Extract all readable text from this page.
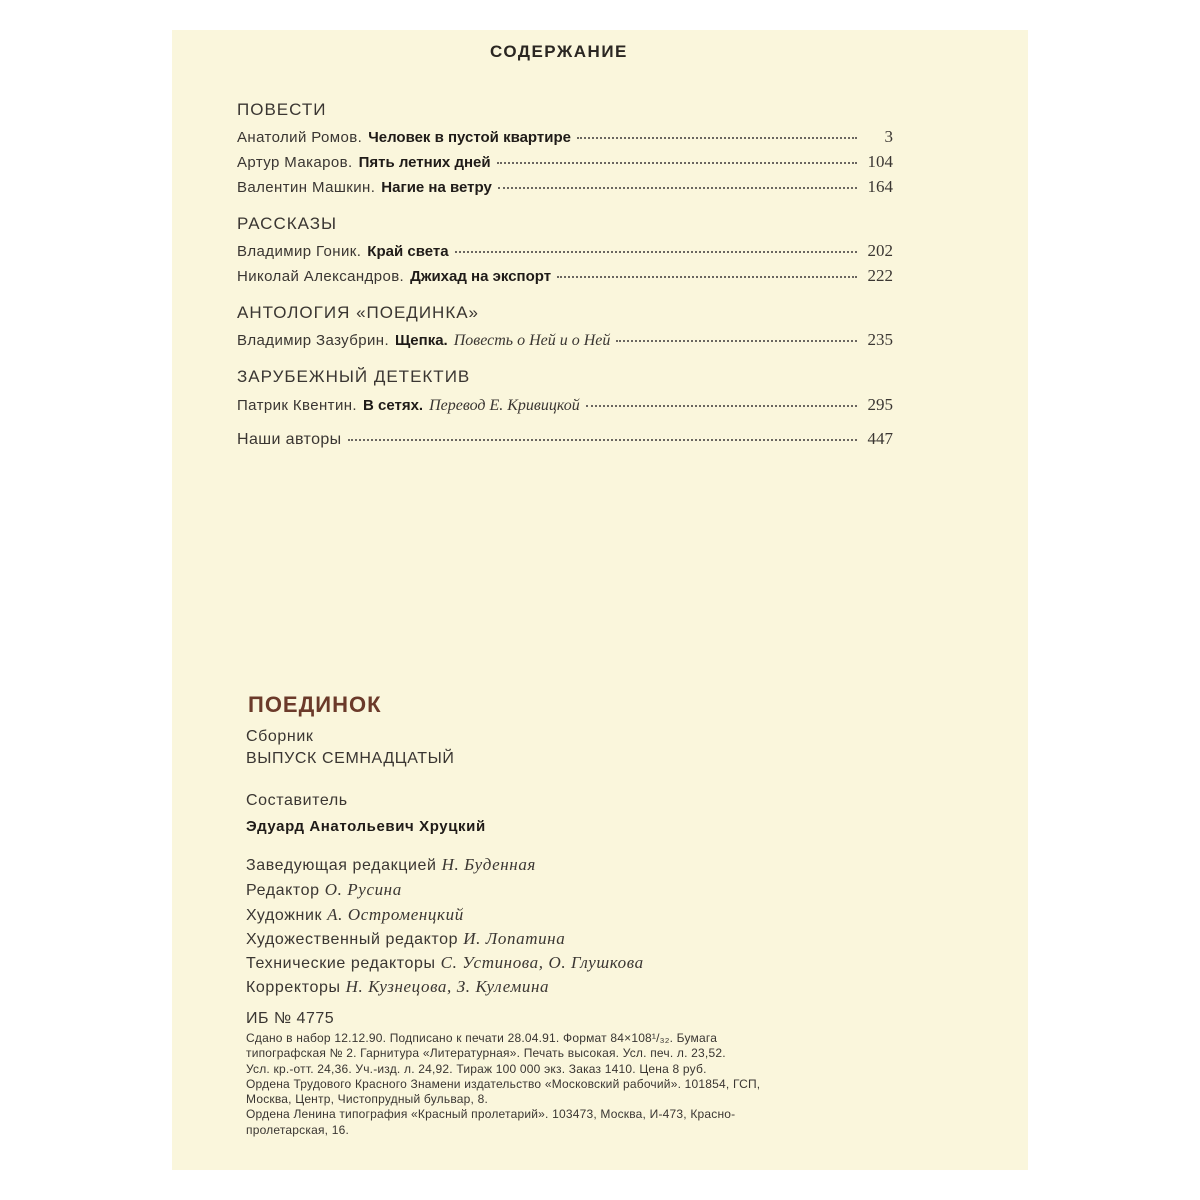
СОДЕРЖАНИЕ
ПОВЕСТИ
Анатолий Ромов. Человек в пустой квартире	3
Артур Макаров. Пять летних дней	104
Валентин Машкин. Нагие на ветру	164
РАССКАЗЫ
Владимир Гоник. Край света	202
Николай Александров. Джихад на экспорт	222
АНТОЛОГИЯ «ПОЕДИНКА»
Владимир Зазубрин. Щепка. Повесть о Ней и о Ней	235
ЗАРУБЕЖНЫЙ ДЕТЕКТИВ
Патрик Квентин. В сетях. Перевод Е. Кривицкой	295
Наши авторы	447
ПОЕДИНОК
Сборник
ВЫПУСК СЕМНАДЦАТЫЙ
Составитель
Эдуард Анатольевич Хруцкий
Заведующая редакцией Н. Буденная
Редактор О. Русина
Художник А. Остроменцкий
Художественный редактор И. Лопатина
Технические редакторы С. Устинова, О. Глушкова
Корректоры Н. Кузнецова, З. Кулемина
ИБ № 4775
Сдано в набор 12.12.90. Подписано к печати 28.04.91. Формат 84×108¹/₃₂. Бумага
типографская № 2. Гарнитура «Литературная». Печать высокая. Усл. печ. л. 23,52.
Усл. кр.-отт. 24,36. Уч.-изд. л. 24,92. Тираж 100 000 экз. Заказ 1410. Цена 8 руб.
Ордена Трудового Красного Знамени издательство «Московский рабочий». 101854, ГСП,
Москва, Центр, Чистопрудный бульвар, 8.
Ордена Ленина типография «Красный пролетарий». 103473, Москва, И-473, Красно-
пролетарская, 16.
